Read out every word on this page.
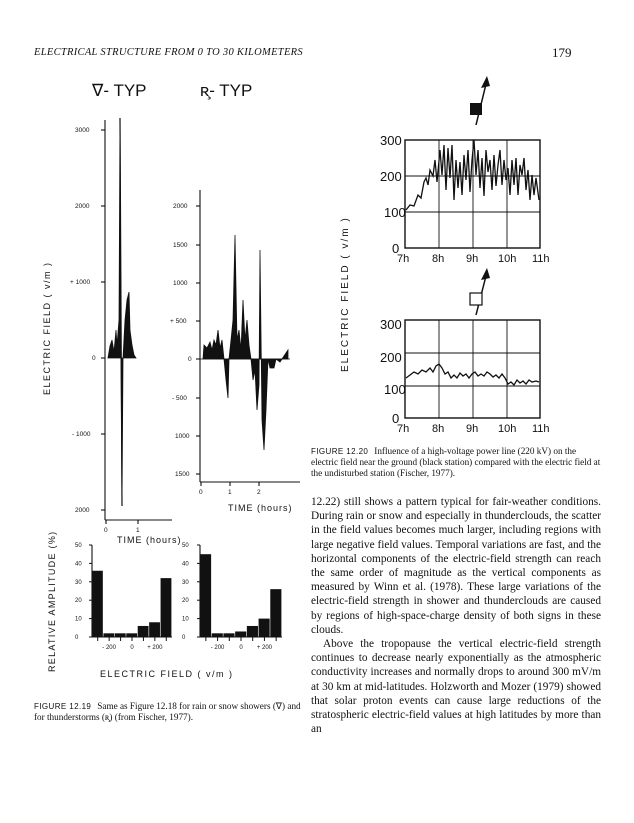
ELECTRICAL STRUCTURE FROM 0 TO 30 KILOMETERS	179
∇- TYP	ʀ̧- TYP
ELECTRIC FIELD ( v/m )
3000
2000
+ 1000
0
- 1000
2000
0	1
2000
1500
1000
+ 500
0
- 500
1000
1500
0	1	2
TIME (hours)
TIME (hours)
RELATIVE AMPLITUDE (%)	50
40
30
20
10
0
- 200 0 + 200
50
40
30
20
10
0
- 200 0 + 200
ELECTRIC FIELD ( v/m )
ELECTRIC FIELD ( v/m )
300
200
100
0
7h 8h 9h 10h 11h
300
200
100
0
7h 8h 9h 10h 11h
FIGURE 12.20 Influence of a high-voltage power line (220 kV) on the electric field near the ground (black station) compared with the electric field at the undisturbed station (Fischer, 1977).
FIGURE 12.19 Same as Figure 12.18 for rain or snow showers (∇) and for thunderstorms (ʀ̧) (from Fischer, 1977).

12.22) still shows a pattern typical for fair-weather conditions. During rain or snow and especially in thunderclouds, the scatter in the field values becomes much larger, including regions with large negative field values. Temporal variations are fast, and the horizontal components of the electric-field strength can reach the same order of magnitude as the vertical components as measured by Winn et al. (1978). These large variations of the electric-field strength in shower and thunderclouds are caused by regions of high-space-charge density of both signs in these clouds.

Above the tropopause the vertical electric-field strength continues to decrease nearly exponentially as the atmospheric conductivity increases and normally drops to around 300 mV/m at 30 km at mid-latitudes. Holzworth and Mozer (1979) showed that solar proton events can cause large reductions of the stratospheric electric-field values at high latitudes by more than an
